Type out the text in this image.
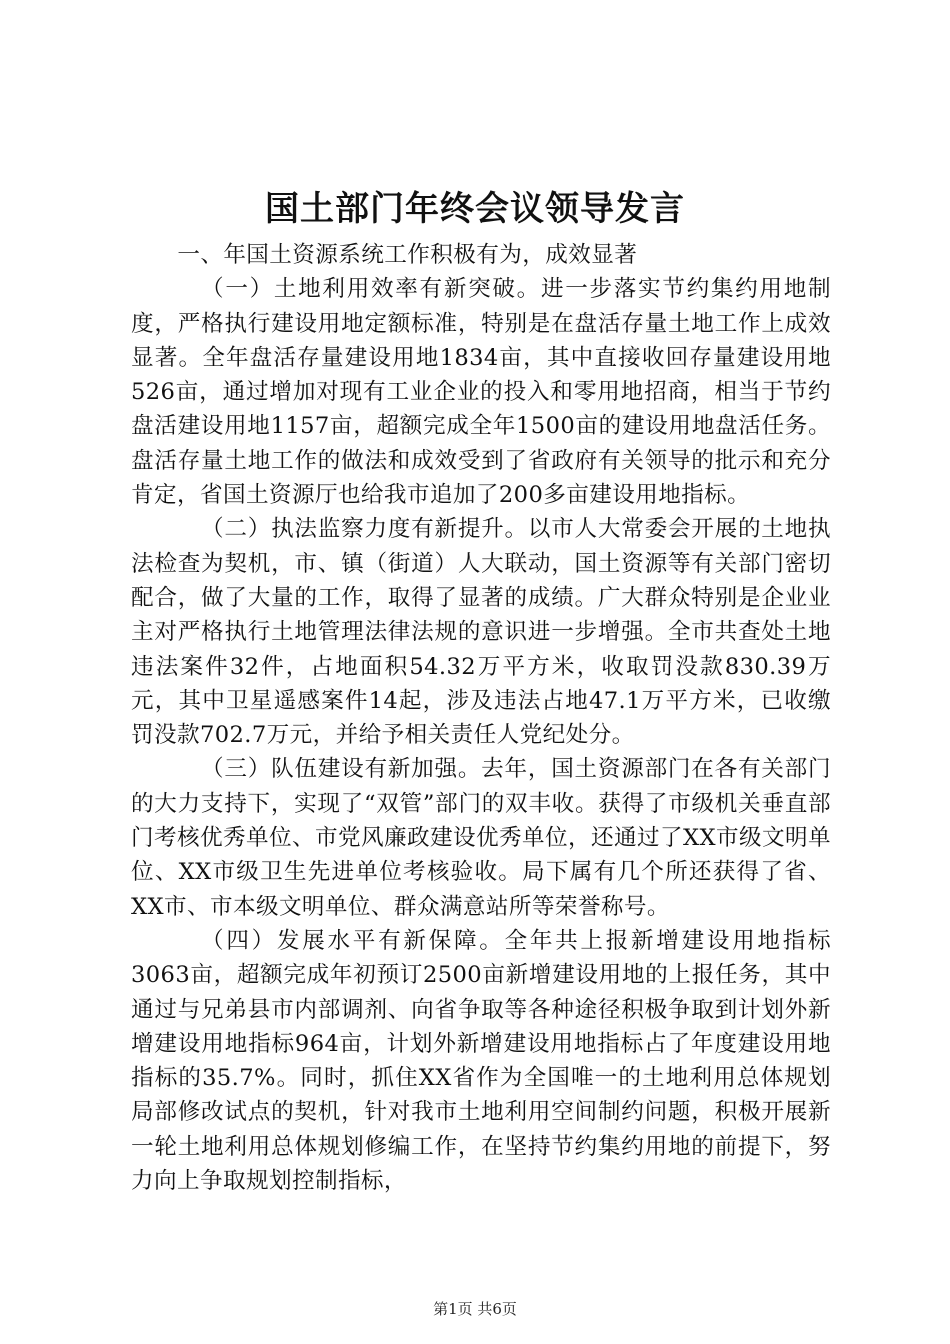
国土部门年终会议领导发言

一、年国土资源系统工作积极有为，成效显著

（一）土地利用效率有新突破。进一步落实节约集约用地制度，严格执行建设用地定额标准，特别是在盘活存量土地工作上成效显著。全年盘活存量建设用地1834亩，其中直接收回存量建设用地526亩，通过增加对现有工业企业的投入和零用地招商，相当于节约盘活建设用地1157亩，超额完成全年1500亩的建设用地盘活任务。盘活存量土地工作的做法和成效受到了省政府有关领导的批示和充分肯定，省国土资源厅也给我市追加了200多亩建设用地指标。

（二）执法监察力度有新提升。以市人大常委会开展的土地执法检查为契机，市、镇（街道）人大联动，国土资源等有关部门密切配合，做了大量的工作，取得了显著的成绩。广大群众特别是企业业主对严格执行土地管理法律法规的意识进一步增强。全市共查处土地违法案件32件，占地面积54.32万平方米，收取罚没款830.39万元，其中卫星遥感案件14起，涉及违法占地47.1万平方米，已收缴罚没款702.7万元，并给予相关责任人党纪处分。

（三）队伍建设有新加强。去年，国土资源部门在各有关部门的大力支持下，实现了“双管”部门的双丰收。获得了市级机关垂直部门考核优秀单位、市党风廉政建设优秀单位，还通过了XX市级文明单位、XX市级卫生先进单位考核验收。局下属有几个所还获得了省、XX市、市本级文明单位、群众满意站所等荣誉称号。

（四）发展水平有新保障。全年共上报新增建设用地指标3063亩，超额完成年初预订2500亩新增建设用地的上报任务，其中通过与兄弟县市内部调剂、向省争取等各种途径积极争取到计划外新增建设用地指标964亩，计划外新增建设用地指标占了年度建设用地指标的35.7%。同时，抓住XX省作为全国唯一的土地利用总体规划局部修改试点的契机，针对我市土地利用空间制约问题，积极开展新一轮土地利用总体规划修编工作，在坚持节约集约用地的前提下，努力向上争取规划控制指标，

第1页 共6页
